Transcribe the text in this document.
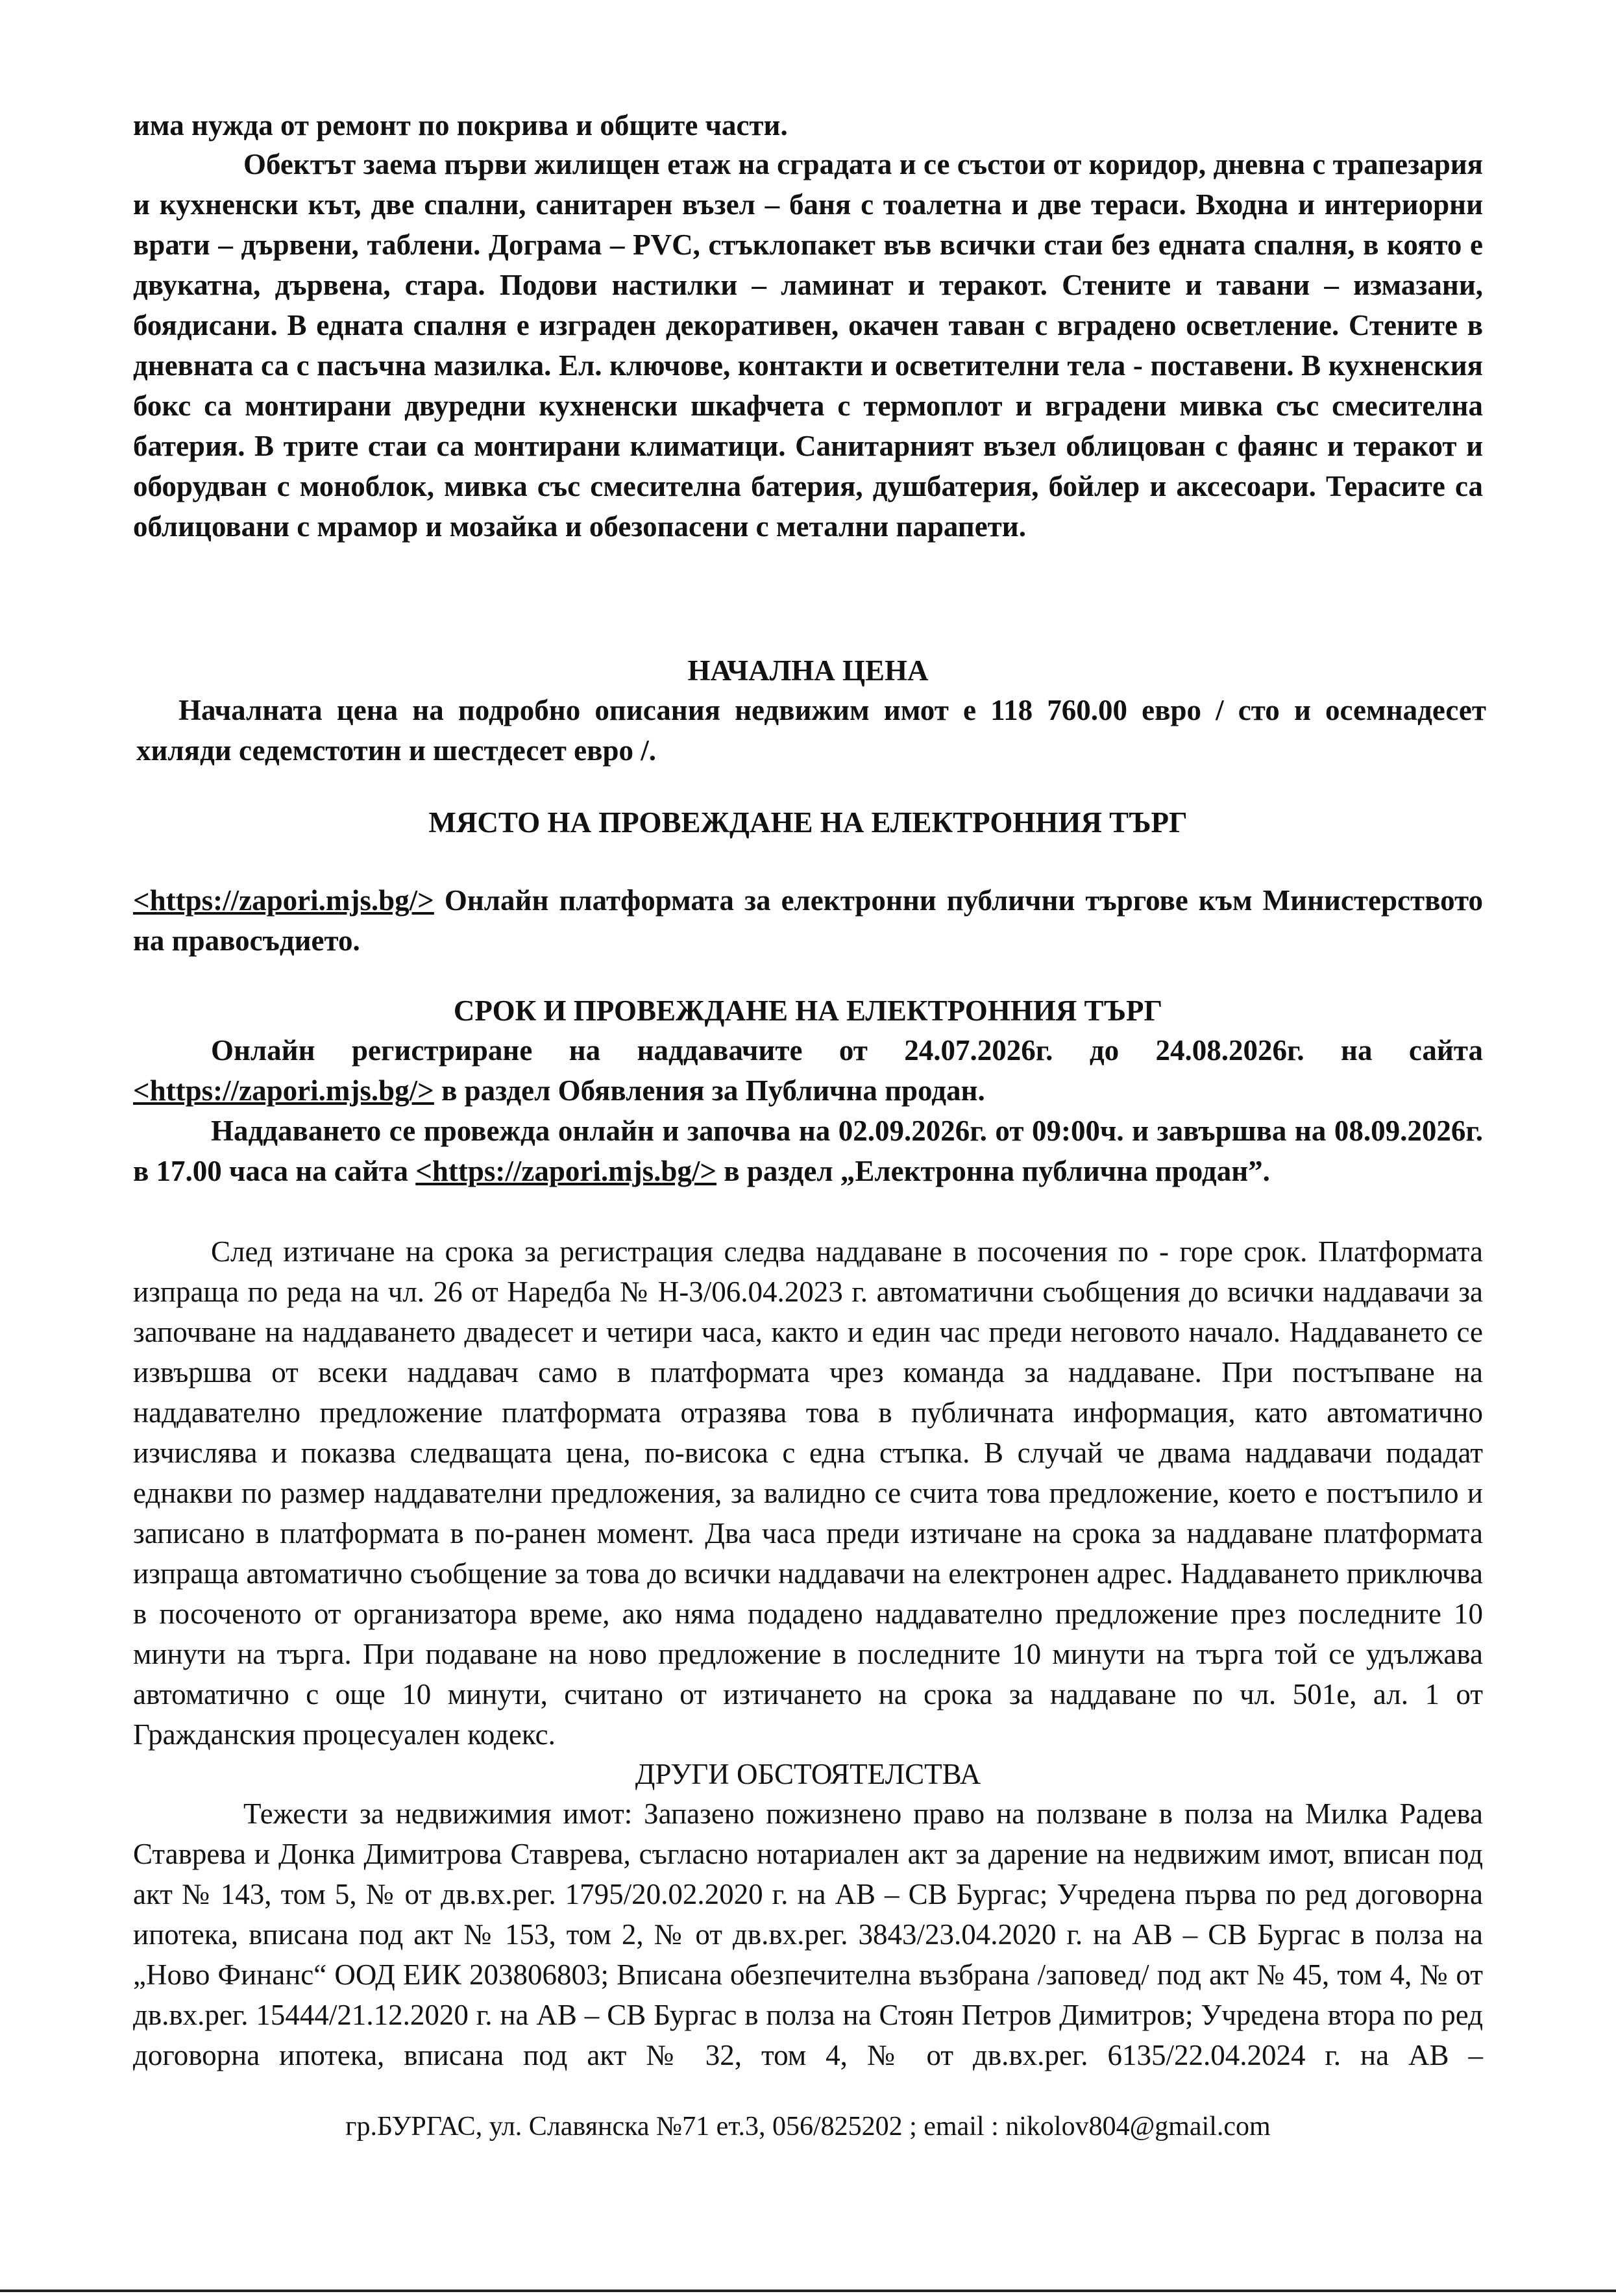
има нужда от ремонт по покрива и общите части.

Обектът заема първи жилищен етаж на сградата и се състои от коридор, дневна с трапезария и кухненски кът, две спални, санитарен възел – баня с тоалетна и две тераси. Входна и интериорни врати – дървени, таблени. Дограма – PVC, стъклопакет във всички стаи без едната спалня, в която е двукатна, дървена, стара. Подови настилки – ламинат и теракот. Стените и тавани – измазани, боядисани. В едната спалня е изграден декоративен, окачен таван с вградено осветление. Стените в дневната са с пасъчна мазилка. Ел. ключове, контакти и осветителни тела - поставени. В кухненския бокс са монтирани двуредни кухненски шкафчета с термоплот и вградени мивка със смесителна батерия. В трите стаи са монтирани климатици. Санитарният възел облицован с фаянс и теракот и оборудван с моноблок, мивка със смесителна батерия, душбатерия, бойлер и аксесоари. Терасите са облицовани с мрамор и мозайка и обезопасени с метални парапети.

НАЧАЛНА ЦЕНА

Началната цена на подробно описания недвижим имот е 118 760.00 евро / сто и осемнадесет хиляди седемстотин и шестдесет евро /.

МЯСТО НА ПРОВЕЖДАНЕ НА ЕЛЕКТРОННИЯ ТЪРГ

<https://zapori.mjs.bg/> Онлайн платформата за електронни публични търгове към Министерството на правосъдието.

СРОК И ПРОВЕЖДАНЕ НА ЕЛЕКТРОННИЯ ТЪРГ

Онлайн регистриране на наддавачите от 24.07.2026г. до 24.08.2026г. на сайта <https://zapori.mjs.bg/> в раздел Обявления за Публична продан.

Наддаването се провежда онлайн и започва на 02.09.2026г. от 09:00ч. и завършва на 08.09.2026г. в 17.00 часа на сайта <https://zapori.mjs.bg/> в раздел „Електронна публична продан”.

След изтичане на срока за регистрация следва наддаване в посочения по - горе срок. Платформата изпраща по реда на чл. 26 от Наредба № Н-3/06.04.2023 г. автоматични съобщения до всички наддавачи за започване на наддаването двадесет и четири часа, както и един час преди неговото начало. Наддаването се извършва от всеки наддавач само в платформата чрез команда за наддаване. При постъпване на наддавателно предложение платформата отразява това в публичната информация, като автоматично изчислява и показва следващата цена, по-висока с една стъпка. В случай че двама наддавачи подадат еднакви по размер наддавателни предложения, за валидно се счита това предложение, което е постъпило и записано в платформата в по-ранен момент. Два часа преди изтичане на срока за наддаване платформата изпраща автоматично съобщение за това до всички наддавачи на електронен адрес. Наддаването приключва в посоченото от организатора време, ако няма подадено наддавателно предложение през последните 10 минути на търга. При подаване на ново предложение в последните 10 минути на търга той се удължава автоматично с още 10 минути, считано от изтичането на срока за наддаване по чл. 501е, ал. 1 от Гражданския процесуален кодекс.

ДРУГИ ОБСТОЯТЕЛСТВА

Тежести за недвижимия имот: Запазено пожизнено право на ползване в полза на Милка Радева Ставрева и Донка Димитрова Ставрева, съгласно нотариален акт за дарение на недвижим имот, вписан под акт № 143, том 5, № от дв.вх.рег. 1795/20.02.2020 г. на АВ – СВ Бургас; Учредена първа по ред договорна ипотека, вписана под акт № 153, том 2, № от дв.вх.рег. 3843/23.04.2020 г. на АВ – СВ Бургас в полза на „Ново Финанс“ ООД ЕИК 203806803; Вписана обезпечителна възбрана /заповед/ под акт № 45, том 4, № от дв.вх.рег. 15444/21.12.2020 г. на АВ – СВ Бургас в полза на Стоян Петров Димитров; Учредена втора по ред договорна ипотека, вписана под акт № 32, том 4, № от дв.вх.рег. 6135/22.04.2024 г. на АВ –

гр.БУРГАС, ул. Славянска №71 ет.3, 056/825202 ; email : nikolov804@gmail.com
